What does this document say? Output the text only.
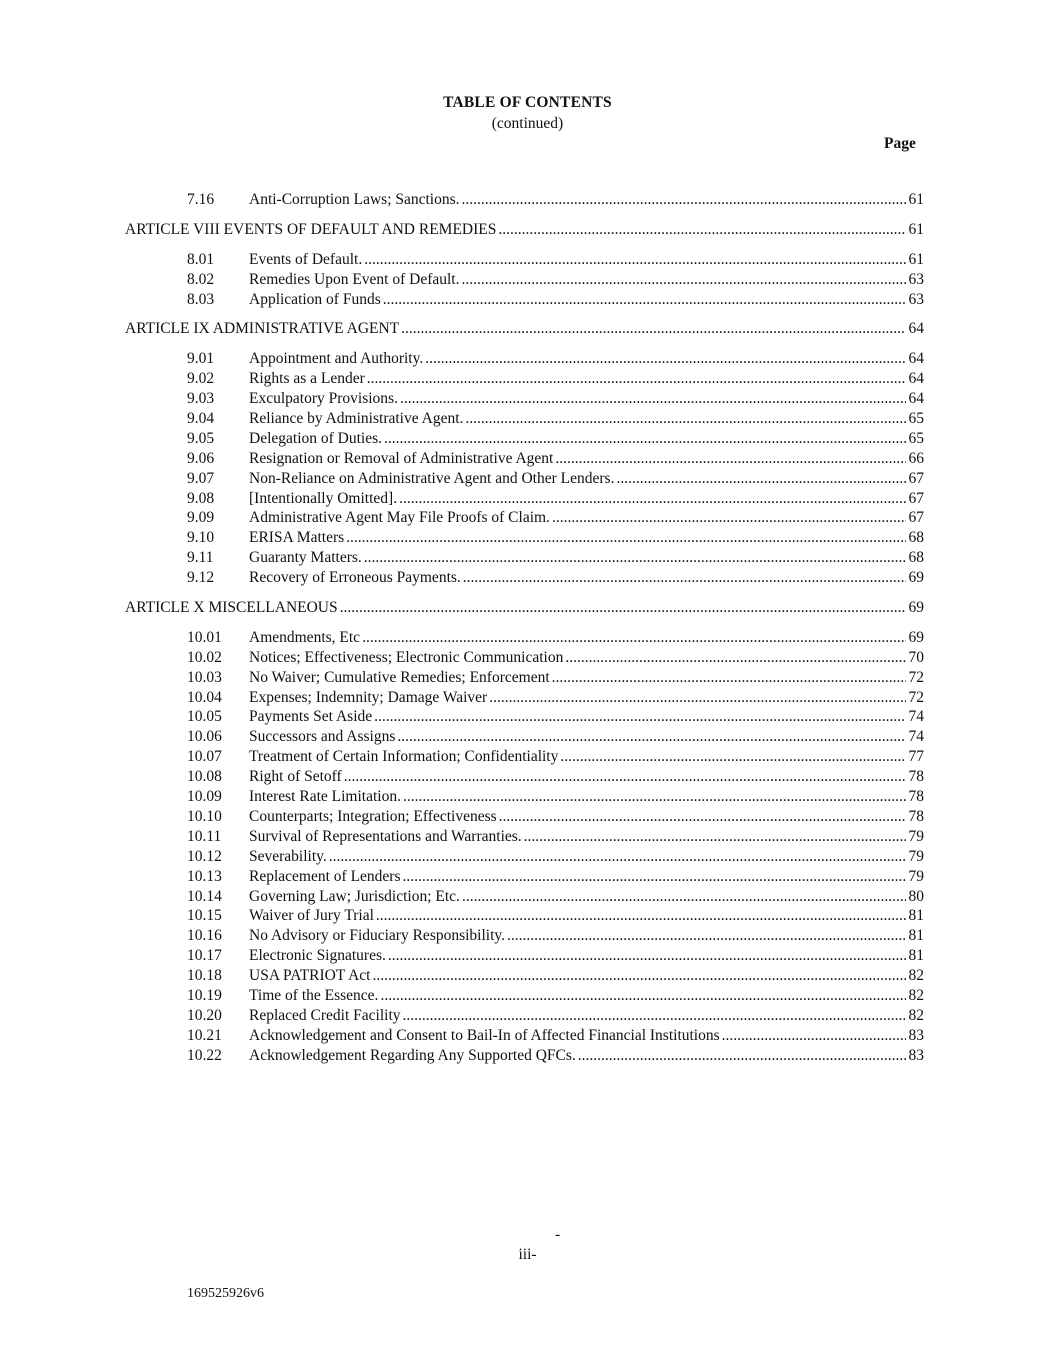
TABLE OF CONTENTS
(continued)
Page
7.16 Anti-Corruption Laws; Sanctions. .....	61
ARTICLE VIII EVENTS OF DEFAULT AND REMEDIES .....	61
8.01 Events of Default. .....	61
8.02 Remedies Upon Event of Default. .....	63
8.03 Application of Funds .....	63
ARTICLE IX ADMINISTRATIVE AGENT .....	64
9.01 Appointment and Authority. .....	64
9.02 Rights as a Lender .....	64
9.03 Exculpatory Provisions. .....	64
9.04 Reliance by Administrative Agent. .....	65
9.05 Delegation of Duties. .....	65
9.06 Resignation or Removal of Administrative Agent .....	66
9.07 Non-Reliance on Administrative Agent and Other Lenders. .....	67
9.08 [Intentionally Omitted]. .....	67
9.09 Administrative Agent May File Proofs of Claim. .....	67
9.10 ERISA Matters .....	68
9.11 Guaranty Matters. .....	68
9.12 Recovery of Erroneous Payments. .....	69
ARTICLE X MISCELLANEOUS .....	69
10.01 Amendments, Etc .....	69
10.02 Notices; Effectiveness; Electronic Communication .....	70
10.03 No Waiver; Cumulative Remedies; Enforcement .....	72
10.04 Expenses; Indemnity; Damage Waiver .....	72
10.05 Payments Set Aside .....	74
10.06 Successors and Assigns .....	74
10.07 Treatment of Certain Information; Confidentiality .....	77
10.08 Right of Setoff .....	78
10.09 Interest Rate Limitation. .....	78
10.10 Counterparts; Integration; Effectiveness .....	78
10.11 Survival of Representations and Warranties. .....	79
10.12 Severability. .....	79
10.13 Replacement of Lenders .....	79
10.14 Governing Law; Jurisdiction; Etc. .....	80
10.15 Waiver of Jury Trial .....	81
10.16 No Advisory or Fiduciary Responsibility. .....	81
10.17 Electronic Signatures. .....	81
10.18 USA PATRIOT Act .....	82
10.19 Time of the Essence. .....	82
10.20 Replaced Credit Facility .....	82
10.21 Acknowledgement and Consent to Bail-In of Affected Financial Institutions .....	83
10.22 Acknowledgement Regarding Any Supported QFCs. .....	83
-
iii-
169525926v6
